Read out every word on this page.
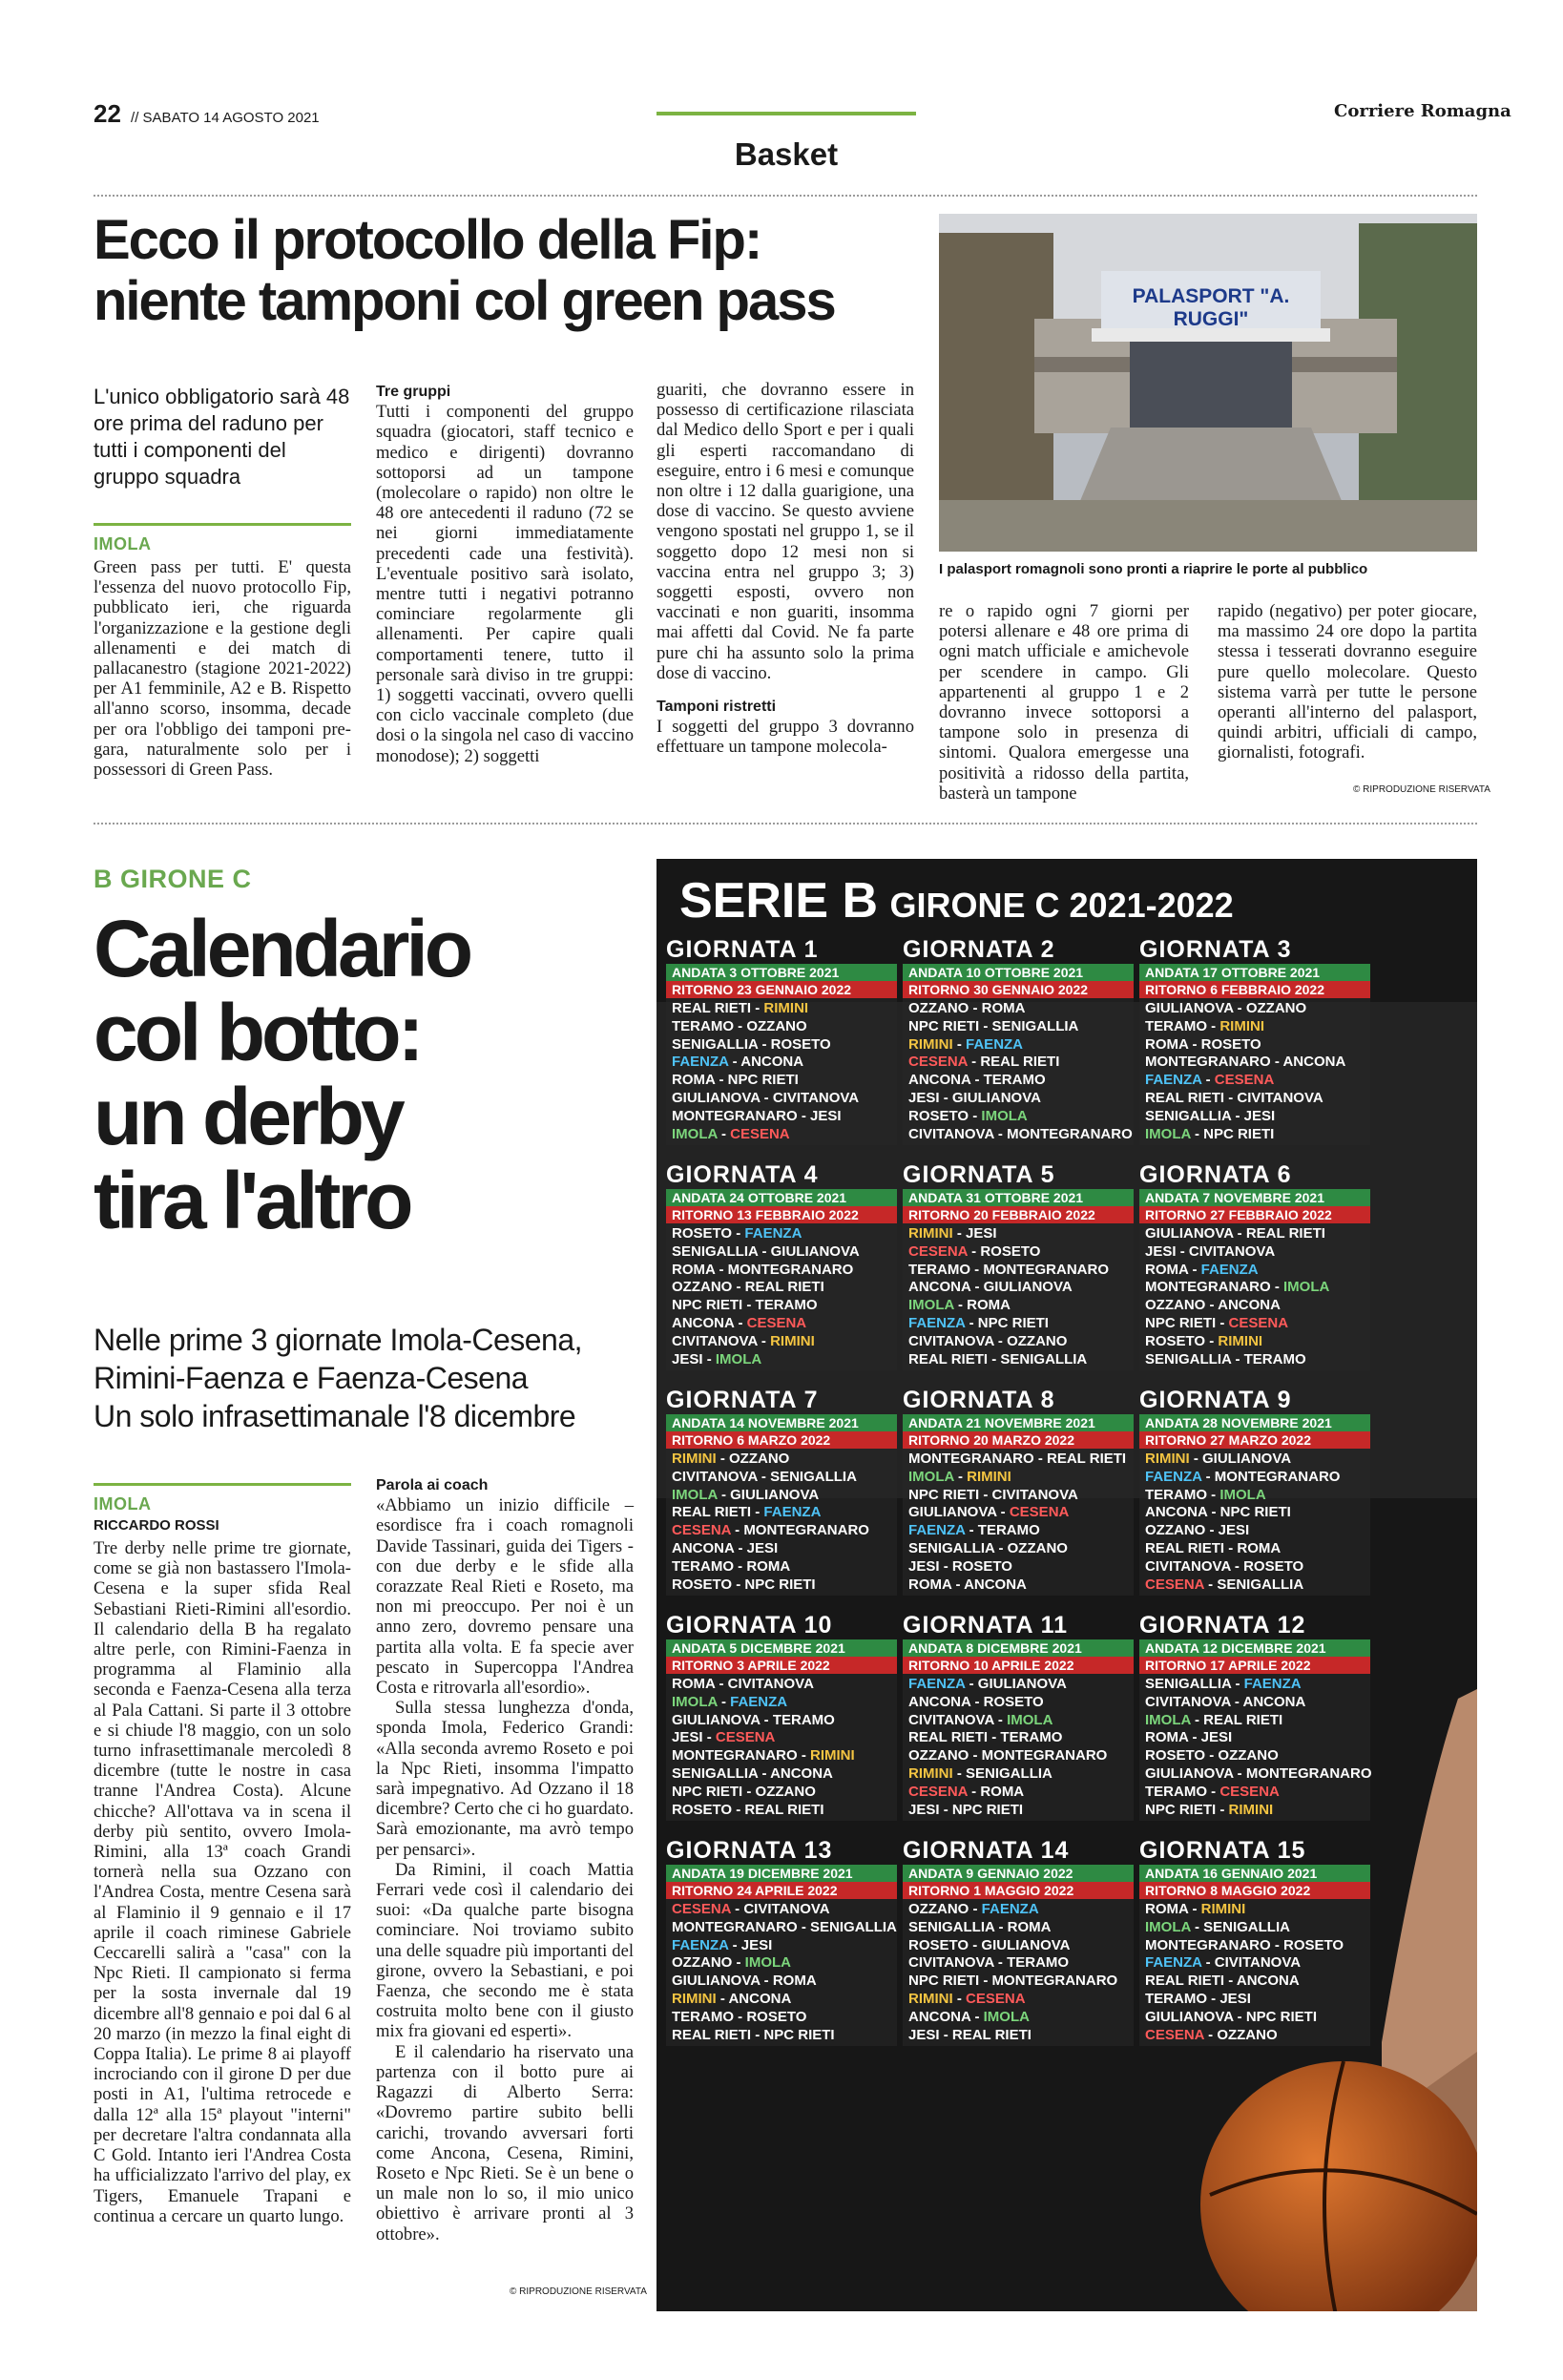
22 // SABATO 14 AGOSTO 2021	Corriere Romagna
Basket
Ecco il protocollo della Fip:
niente tamponi col green pass	PALASPORT "A. RUGGI"
I palasport romagnoli sono pronti a riaprire le porte al pubblico
L'unico obbligatorio sarà 48 ore prima del raduno per tutti i componenti del gruppo squadra
IMOLA

Green pass per tutti. E' questa l'essenza del nuovo protocollo Fip, pubblicato ieri, che riguarda l'organizzazione e la gestione degli allenamenti e dei match di pallacanestro (stagione 2021-2022) per A1 femminile, A2 e B. Rispetto all'anno scorso, insomma, decade per ora l'obbligo dei tamponi pre-gara, naturalmente solo per i possessori di Green Pass.

Tre gruppi

Tutti i componenti del gruppo squadra (giocatori, staff tecnico e medico e dirigenti) dovranno sottoporsi ad un tampone (molecolare o rapido) non oltre le 48 ore antecedenti il raduno (72 se nei giorni immediatamente precedenti cade una festività). L'eventuale positivo sarà isolato, mentre tutti i negativi potranno cominciare regolarmente gli allenamenti. Per capire quali comportamenti tenere, tutto il personale sarà diviso in tre gruppi: 1) soggetti vaccinati, ovvero quelli con ciclo vaccinale completo (due dosi o la singola nel caso di vaccino monodose); 2) soggetti

guariti, che dovranno essere in possesso di certificazione rilasciata dal Medico dello Sport e per i quali gli esperti raccomandano di eseguire, entro i 6 mesi e comunque non oltre i 12 dalla guarigione, una dose di vaccino. Se questo avviene vengono spostati nel gruppo 1, se il soggetto dopo 12 mesi non si vaccina entra nel gruppo 3; 3) soggetti esposti, ovvero non vaccinati e non guariti, insomma mai affetti dal Covid. Ne fa parte pure chi ha assunto solo la prima dose di vaccino.

Tamponi ristretti

I soggetti del gruppo 3 dovranno effettuare un tampone molecola-

re o rapido ogni 7 giorni per potersi allenare e 48 ore prima di ogni match ufficiale e amichevole per scendere in campo. Gli appartenenti al gruppo 1 e 2 dovranno invece sottoporsi a tampone solo in presenza di sintomi. Qualora emergesse una positività a ridosso della partita, basterà un tampone

rapido (negativo) per poter giocare, ma massimo 24 ore dopo la partita stessa i tesserati dovranno eseguire pure quello molecolare. Questo sistema varrà per tutte le persone operanti all'interno del palasport, quindi arbitri, ufficiali di campo, giornalisti, fotografi.

© RIPRODUZIONE RISERVATA
B GIRONE C
Calendario
col botto:
un derby
tira l'altro
Nelle prime 3 giornate Imola-Cesena,
Rimini-Faenza e Faenza-Cesena
Un solo infrasettimanale l'8 dicembre
IMOLA
RICCARDO ROSSI

Tre derby nelle prime tre giornate, come se già non bastassero l'Imola-Cesena e la super sfida Real Sebastiani Rieti-Rimini all'esordio. Il calendario della B ha regalato altre perle, con Rimini-Faenza in programma al Flaminio alla seconda e Faenza-Cesena alla terza al Pala Cattani. Si parte il 3 ottobre e si chiude l'8 maggio, con un solo turno infrasettimanale mercoledì 8 dicembre (tutte le nostre in casa tranne l'Andrea Costa). Alcune chicche? All'ottava va in scena il derby più sentito, ovvero Imola-Rimini, alla 13ª coach Grandi tornerà nella sua Ozzano con l'Andrea Costa, mentre Cesena sarà al Flaminio il 9 gennaio e il 17 aprile il coach riminese Gabriele Ceccarelli salirà a "casa" con la Npc Rieti. Il campionato si ferma per la sosta invernale dal 19 dicembre all'8 gennaio e poi dal 6 al 20 marzo (in mezzo la final eight di Coppa Italia). Le prime 8 ai playoff incrociando con il girone D per due posti in A1, l'ultima retrocede e dalla 12ª alla 15ª playout "interni" per decretare l'altra condannata alla C Gold. Intanto ieri l'Andrea Costa ha ufficializzato l'arrivo del play, ex Tigers, Emanuele Trapani e continua a cercare un quarto lungo.

Parola ai coach

«Abbiamo un inizio difficile – esordisce fra i coach romagnoli Davide Tassinari, guida dei Tigers - con due derby e le sfide alla corazzate Real Rieti e Roseto, ma non mi preoccupo. Per noi è un anno zero, dovremo pensare una partita alla volta. E fa specie aver pescato in Supercoppa l'Andrea Costa e ritrovarla all'esordio».

Sulla stessa lunghezza d'onda, sponda Imola, Federico Grandi: «Alla seconda avremo Roseto e poi la Npc Rieti, insomma l'impatto sarà impegnativo. Ad Ozzano il 18 dicembre? Certo che ci ho guardato. Sarà emozionante, ma avrò tempo per pensarci».

Da Rimini, il coach Mattia Ferrari vede così il calendario dei suoi: «Da qualche parte bisogna cominciare. Noi troviamo subito una delle squadre più importanti del girone, ovvero la Sebastiani, e poi Faenza, che secondo me è stata costruita molto bene con il giusto mix fra giovani ed esperti».

E il calendario ha riservato una partenza con il botto pure ai Ragazzi di Alberto Serra: «Dovremo partire subito belli carichi, trovando avversari forti come Ancona, Cesena, Rimini, Roseto e Npc Rieti. Se è un bene o un male non lo so, il mio unico obiettivo è arrivare pronti al 3 ottobre».

© RIPRODUZIONE RISERVATA
SERIE B GIRONE C 2021-2022
GIORNATA 1
ANDATA 3 OTTOBRE 2021
RITORNO 23 GENNAIO 2022
REAL RIETI - RIMINI
TERAMO - OZZANO
SENIGALLIA - ROSETO
FAENZA - ANCONA
ROMA - NPC RIETI
GIULIANOVA - CIVITANOVA
MONTEGRANARO - JESI
IMOLA - CESENA
GIORNATA 2
ANDATA 10 OTTOBRE 2021
RITORNO 30 GENNAIO 2022
OZZANO - ROMA
NPC RIETI - SENIGALLIA
RIMINI - FAENZA
CESENA - REAL RIETI
ANCONA - TERAMO
JESI - GIULIANOVA
ROSETO - IMOLA
CIVITANOVA - MONTEGRANARO
GIORNATA 3
ANDATA 17 OTTOBRE 2021
RITORNO 6 FEBBRAIO 2022
GIULIANOVA - OZZANO
TERAMO - RIMINI
ROMA - ROSETO
MONTEGRANARO - ANCONA
FAENZA - CESENA
REAL RIETI - CIVITANOVA
SENIGALLIA - JESI
IMOLA - NPC RIETI
GIORNATA 4
ANDATA 24 OTTOBRE 2021
RITORNO 13 FEBBRAIO 2022
ROSETO - FAENZA
SENIGALLIA - GIULIANOVA
ROMA - MONTEGRANARO
OZZANO - REAL RIETI
NPC RIETI - TERAMO
ANCONA - CESENA
CIVITANOVA - RIMINI
JESI - IMOLA
GIORNATA 5
ANDATA 31 OTTOBRE 2021
RITORNO 20 FEBBRAIO 2022
RIMINI - JESI
CESENA - ROSETO
TERAMO - MONTEGRANARO
ANCONA - GIULIANOVA
IMOLA - ROMA
FAENZA - NPC RIETI
CIVITANOVA - OZZANO
REAL RIETI - SENIGALLIA
GIORNATA 6
ANDATA 7 NOVEMBRE 2021
RITORNO 27 FEBBRAIO 2022
GIULIANOVA - REAL RIETI
JESI - CIVITANOVA
ROMA - FAENZA
MONTEGRANARO - IMOLA
OZZANO - ANCONA
NPC RIETI - CESENA
ROSETO - RIMINI
SENIGALLIA - TERAMO
GIORNATA 7
ANDATA 14 NOVEMBRE 2021
RITORNO 6 MARZO 2022
RIMINI - OZZANO
CIVITANOVA - SENIGALLIA
IMOLA - GIULIANOVA
REAL RIETI - FAENZA
CESENA - MONTEGRANARO
ANCONA - JESI
TERAMO - ROMA
ROSETO - NPC RIETI
GIORNATA 8
ANDATA 21 NOVEMBRE 2021
RITORNO 20 MARZO 2022
MONTEGRANARO - REAL RIETI
IMOLA - RIMINI
NPC RIETI - CIVITANOVA
GIULIANOVA - CESENA
FAENZA - TERAMO
SENIGALLIA - OZZANO
JESI - ROSETO
ROMA - ANCONA
GIORNATA 9
ANDATA 28 NOVEMBRE 2021
RITORNO 27 MARZO 2022
RIMINI - GIULIANOVA
FAENZA - MONTEGRANARO
TERAMO - IMOLA
ANCONA - NPC RIETI
OZZANO - JESI
REAL RIETI - ROMA
CIVITANOVA - ROSETO
CESENA - SENIGALLIA
GIORNATA 10
ANDATA 5 DICEMBRE 2021
RITORNO 3 APRILE 2022
ROMA - CIVITANOVA
IMOLA - FAENZA
GIULIANOVA - TERAMO
JESI - CESENA
MONTEGRANARO - RIMINI
SENIGALLIA - ANCONA
NPC RIETI - OZZANO
ROSETO - REAL RIETI
GIORNATA 11
ANDATA 8 DICEMBRE 2021
RITORNO 10 APRILE 2022
FAENZA - GIULIANOVA
ANCONA - ROSETO
CIVITANOVA - IMOLA
REAL RIETI - TERAMO
OZZANO - MONTEGRANARO
RIMINI - SENIGALLIA
CESENA - ROMA
JESI - NPC RIETI
GIORNATA 12
ANDATA 12 DICEMBRE 2021
RITORNO 17 APRILE 2022
SENIGALLIA - FAENZA
CIVITANOVA - ANCONA
IMOLA - REAL RIETI
ROMA - JESI
ROSETO - OZZANO
GIULIANOVA - MONTEGRANARO
TERAMO - CESENA
NPC RIETI - RIMINI
GIORNATA 13
ANDATA 19 DICEMBRE 2021
RITORNO 24 APRILE 2022
CESENA - CIVITANOVA
MONTEGRANARO - SENIGALLIA
FAENZA - JESI
OZZANO - IMOLA
GIULIANOVA - ROMA
RIMINI - ANCONA
TERAMO - ROSETO
REAL RIETI - NPC RIETI
GIORNATA 14
ANDATA 9 GENNAIO 2022
RITORNO 1 MAGGIO 2022
OZZANO - FAENZA
SENIGALLIA - ROMA
ROSETO - GIULIANOVA
CIVITANOVA - TERAMO
NPC RIETI - MONTEGRANARO
RIMINI - CESENA
ANCONA - IMOLA
JESI - REAL RIETI
GIORNATA 15
ANDATA 16 GENNAIO 2021
RITORNO 8 MAGGIO 2022
ROMA - RIMINI
IMOLA - SENIGALLIA
MONTEGRANARO - ROSETO
FAENZA - CIVITANOVA
REAL RIETI - ANCONA
TERAMO - JESI
GIULIANOVA - NPC RIETI
CESENA - OZZANO
